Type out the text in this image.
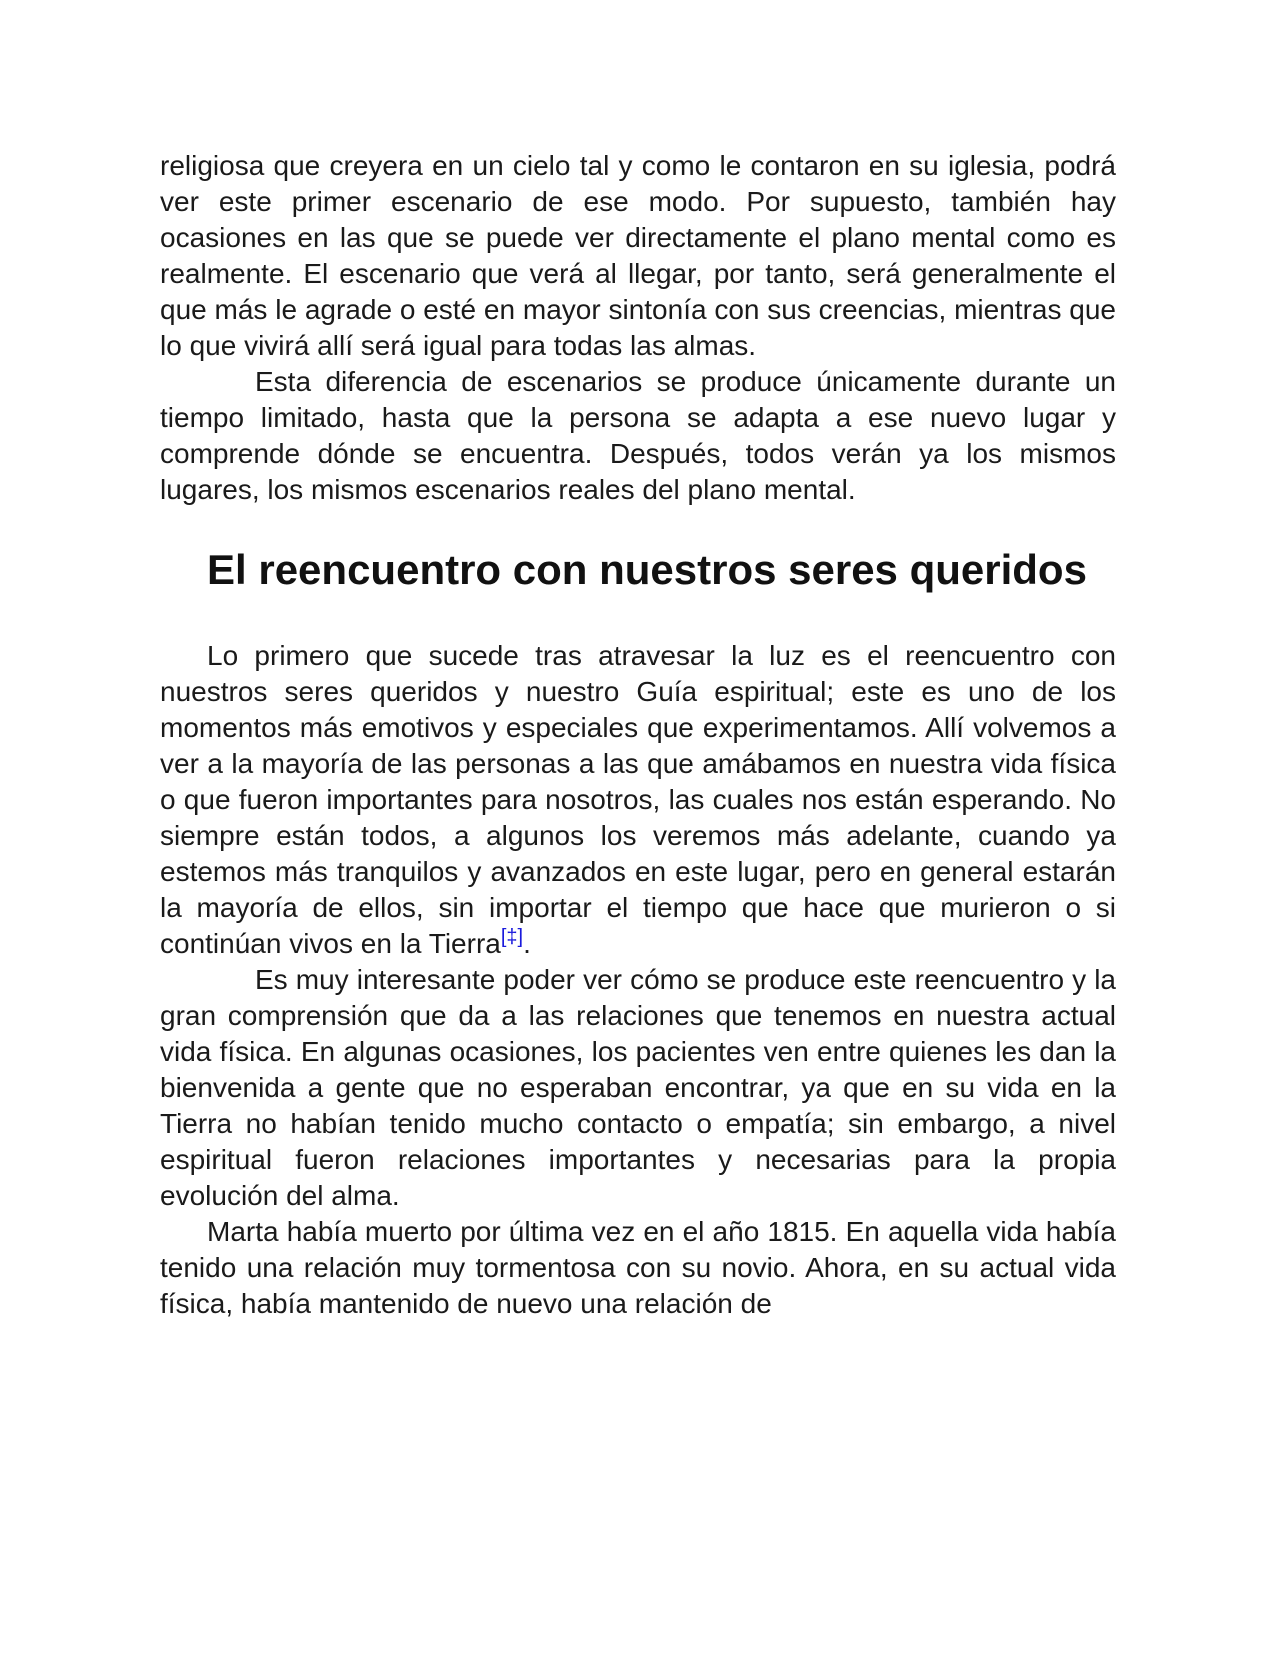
religiosa que creyera en un cielo tal y como le contaron en su iglesia, podrá ver este primer escenario de ese modo. Por supuesto, también hay ocasiones en las que se puede ver directamente el plano mental como es realmente. El escenario que verá al llegar, por tanto, será generalmente el que más le agrade o esté en mayor sintonía con sus creencias, mientras que lo que vivirá allí será igual para todas las almas.

Esta diferencia de escenarios se produce únicamente durante un tiempo limitado, hasta que la persona se adapta a ese nuevo lugar y comprende dónde se encuentra. Después, todos verán ya los mismos lugares, los mismos escenarios reales del plano mental.

El reencuentro con nuestros seres queridos

Lo primero que sucede tras atravesar la luz es el reencuentro con nuestros seres queridos y nuestro Guía espiritual; este es uno de los momentos más emotivos y especiales que experimentamos. Allí volvemos a ver a la mayoría de las personas a las que amábamos en nuestra vida física o que fueron importantes para nosotros, las cuales nos están esperando. No siempre están todos, a algunos los veremos más adelante, cuando ya estemos más tranquilos y avanzados en este lugar, pero en general estarán la mayoría de ellos, sin importar el tiempo que hace que murieron o si continúan vivos en la Tierra[‡].

Es muy interesante poder ver cómo se produce este reencuentro y la gran comprensión que da a las relaciones que tenemos en nuestra actual vida física. En algunas ocasiones, los pacientes ven entre quienes les dan la bienvenida a gente que no esperaban encontrar, ya que en su vida en la Tierra no habían tenido mucho contacto o empatía; sin embargo, a nivel espiritual fueron relaciones importantes y necesarias para la propia evolución del alma.

Marta había muerto por última vez en el año 1815. En aquella vida había tenido una relación muy tormentosa con su novio. Ahora, en su actual vida física, había mantenido de nuevo una relación de
